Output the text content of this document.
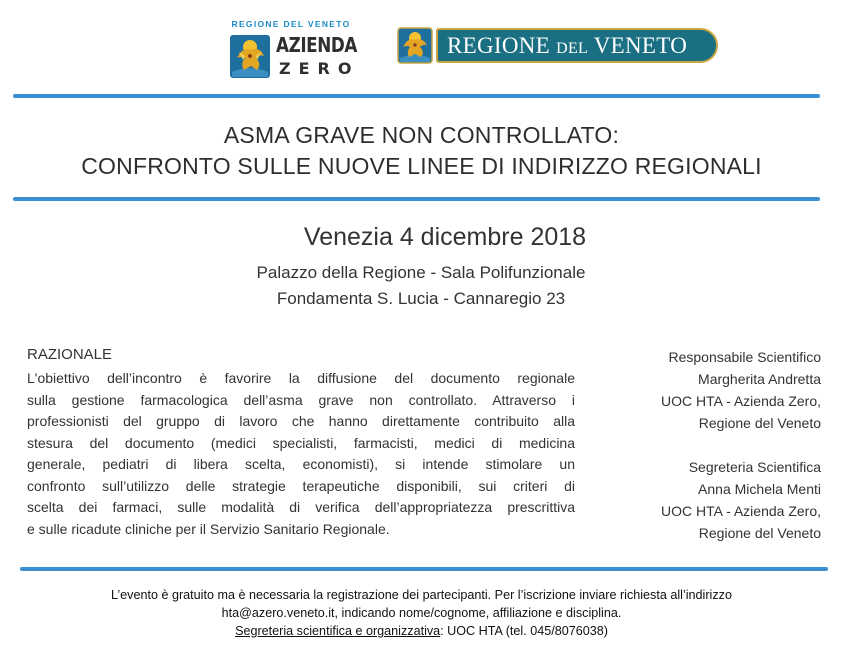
REGIONE DEL VENETO
AZIENDA
ZERO
REGIONE DEL VENETO
ASMA GRAVE NON CONTROLLATO:
CONFRONTO SULLE NUOVE LINEE DI INDIRIZZO REGIONALI
Venezia 4 dicembre 2018
Palazzo della Regione - Sala Polifunzionale
Fondamenta S. Lucia - Cannaregio 23
RAZIONALE
L'obiettivo dell’incontro è favorire la diffusione del documento regionale
sulla gestione farmacologica dell’asma grave non controllato. Attraverso i
professionisti del gruppo di lavoro che hanno direttamente contribuito alla
stesura del documento (medici specialisti, farmacisti, medici di medicina
generale, pediatri di libera scelta, economisti), si intende stimolare un
confronto sull’utilizzo delle strategie terapeutiche disponibili, sui criteri di
scelta dei farmaci, sulle modalità di verifica dell’appropriatezza prescrittiva
e sulle ricadute cliniche per il Servizio Sanitario Regionale.
Responsabile Scientifico
Margherita Andretta
UOC HTA - Azienda Zero,
Regione del Veneto
Segreteria Scientifica
Anna Michela Menti
UOC HTA - Azienda Zero,
Regione del Veneto
L’evento è gratuito ma è necessaria la registrazione dei partecipanti. Per l’iscrizione inviare richiesta all’indirizzo
hta@azero.veneto.it, indicando nome/cognome, affiliazione e disciplina.
Segreteria scientifica e organizzativa: UOC HTA (tel. 045/8076038)
